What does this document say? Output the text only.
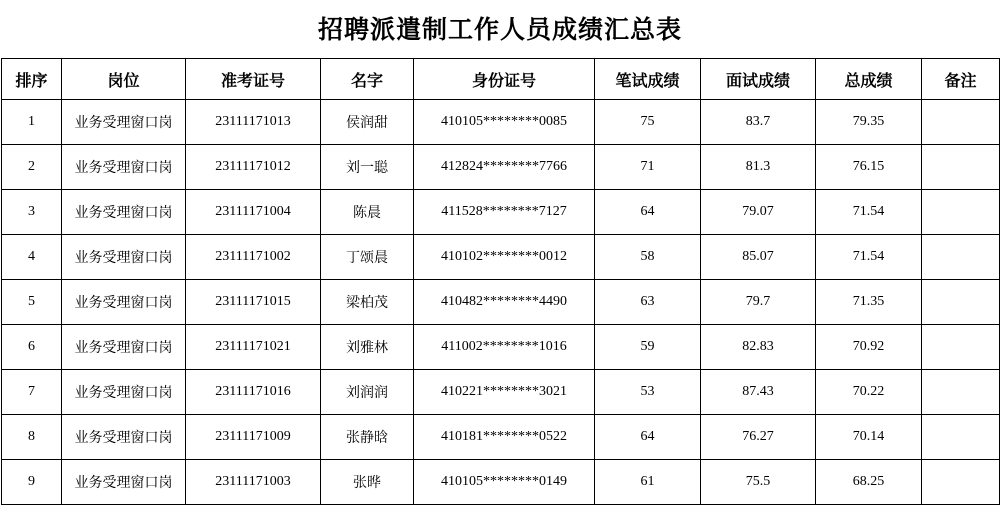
招聘派遣制工作人员成绩汇总表
排序	岗位	准考证号	名字	身份证号	笔试成绩	面试成绩	总成绩	备注
1	业务受理窗口岗	23111171013	侯润甜	410105********0085	75	83.7	79.35	
2	业务受理窗口岗	23111171012	刘一聪	412824********7766	71	81.3	76.15	
3	业务受理窗口岗	23111171004	陈晨	411528********7127	64	79.07	71.54	
4	业务受理窗口岗	23111171002	丁颂晨	410102********0012	58	85.07	71.54	
5	业务受理窗口岗	23111171015	梁柏茂	410482********4490	63	79.7	71.35	
6	业务受理窗口岗	23111171021	刘雅林	411002********1016	59	82.83	70.92	
7	业务受理窗口岗	23111171016	刘润润	410221********3021	53	87.43	70.22	
8	业务受理窗口岗	23111171009	张静晗	410181********0522	64	76.27	70.14	
9	业务受理窗口岗	23111171003	张晔	410105********0149	61	75.5	68.25	
